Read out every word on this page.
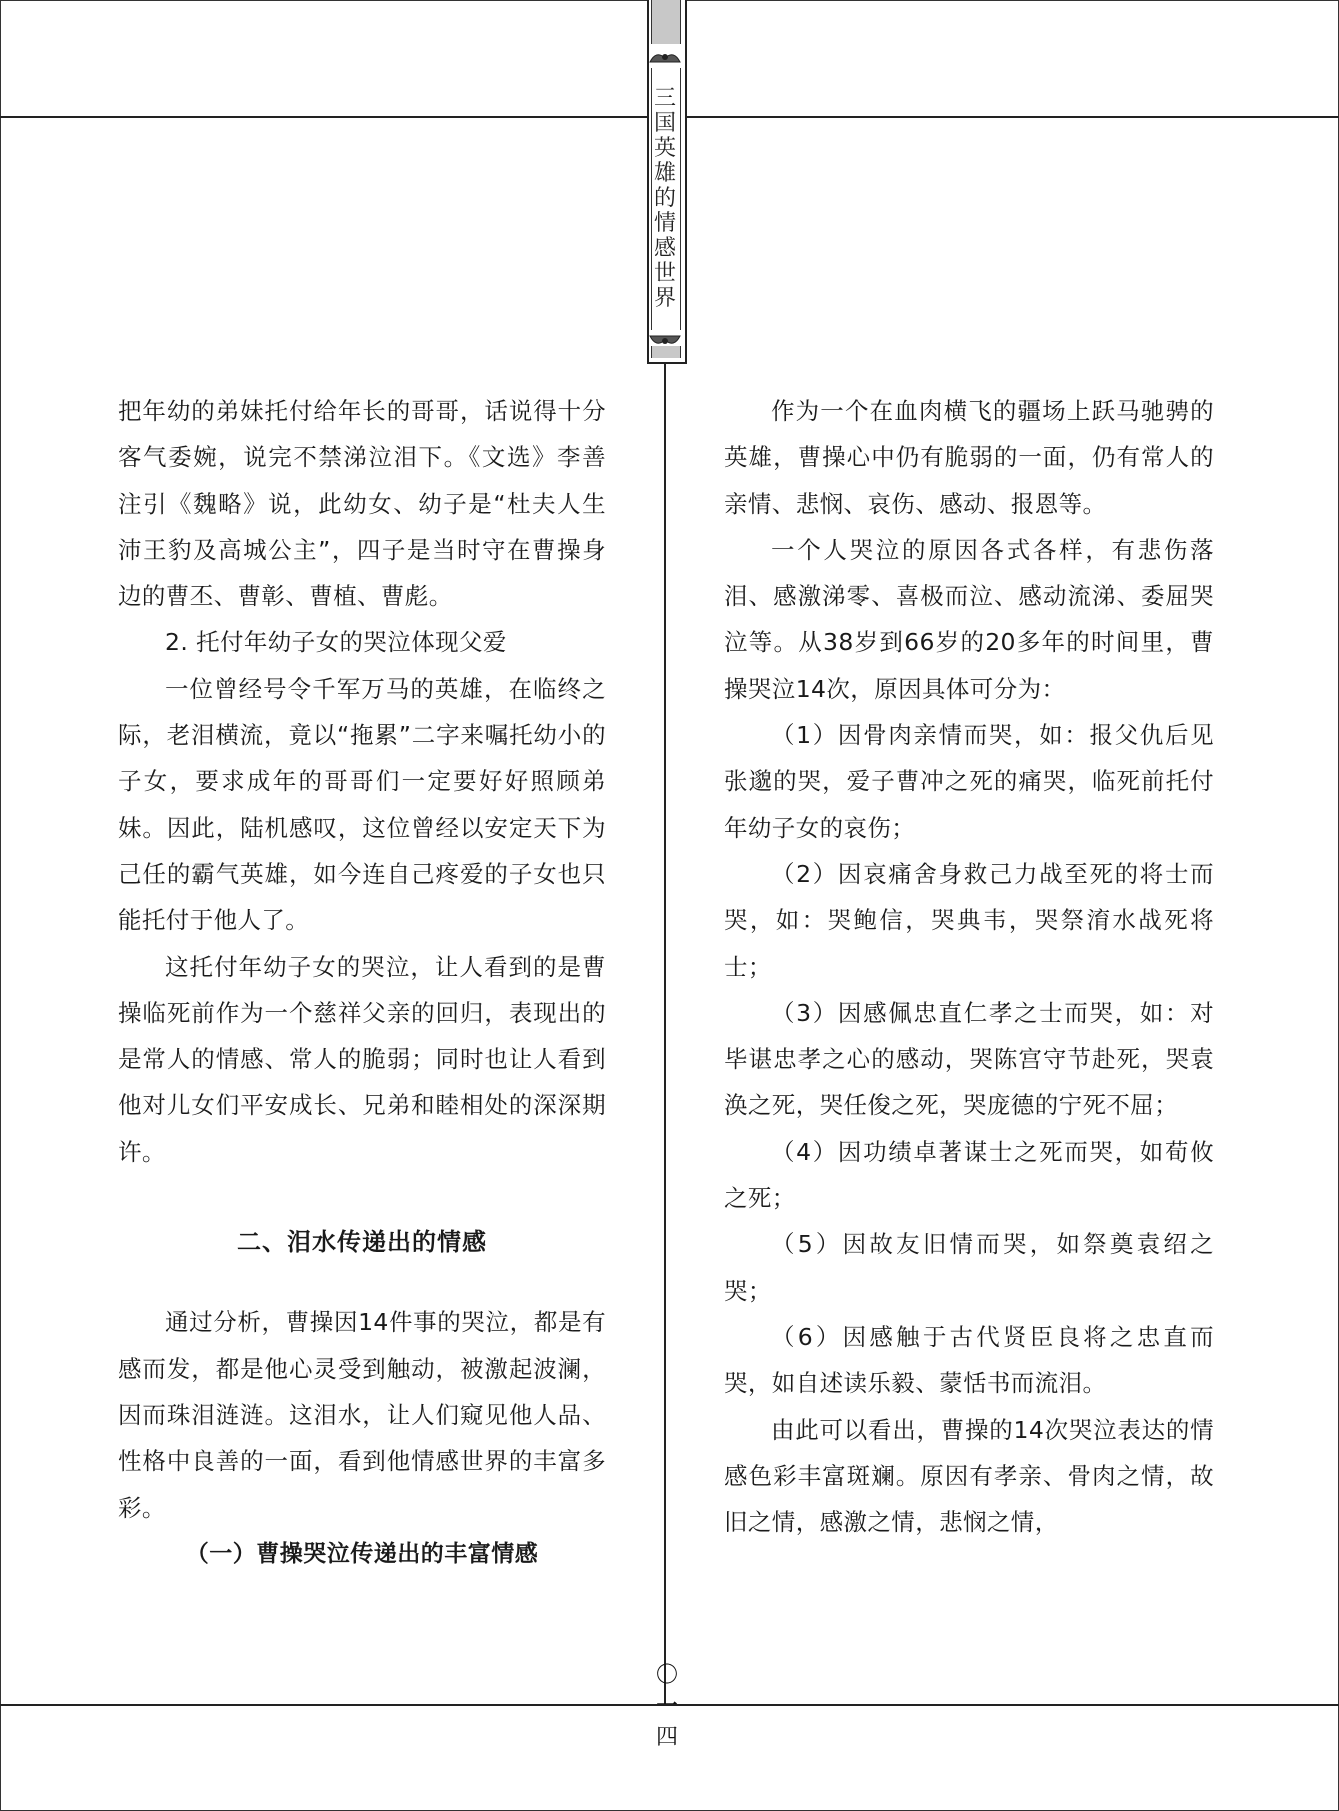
三
国
英
雄
的
情
感
世
界

把年幼的弟妹托付给年长的哥哥，话说得十分客气委婉，说完不禁涕泣泪下。《文选》李善注引《魏略》说，此幼女、幼子是“杜夫人生沛王豹及高城公主”，四子是当时守在曹操身边的曹丕、曹彰、曹植、曹彪。

2. 托付年幼子女的哭泣体现父爱

一位曾经号令千军万马的英雄，在临终之际，老泪横流，竟以“拖累”二字来嘱托幼小的子女，要求成年的哥哥们一定要好好照顾弟妹。因此，陆机感叹，这位曾经以安定天下为己任的霸气英雄，如今连自己疼爱的子女也只能托付于他人了。

这托付年幼子女的哭泣，让人看到的是曹操临死前作为一个慈祥父亲的回归，表现出的是常人的情感、常人的脆弱；同时也让人看到他对儿女们平安成长、兄弟和睦相处的深深期许。

二、泪水传递出的情感

通过分析，曹操因14件事的哭泣，都是有感而发，都是他心灵受到触动，被激起波澜，因而珠泪涟涟。这泪水，让人们窥见他人品、性格中良善的一面，看到他情感世界的丰富多彩。

（一）曹操哭泣传递出的丰富情感

作为一个在血肉横飞的疆场上跃马驰骋的英雄，曹操心中仍有脆弱的一面，仍有常人的亲情、悲悯、哀伤、感动、报恩等。

一个人哭泣的原因各式各样，有悲伤落泪、感激涕零、喜极而泣、感动流涕、委屈哭泣等。从38岁到66岁的20多年的时间里，曹操哭泣14次，原因具体可分为：

（1）因骨肉亲情而哭，如：报父仇后见张邈的哭，爱子曹冲之死的痛哭，临死前托付年幼子女的哀伤；

（2）因哀痛舍身救己力战至死的将士而哭，如：哭鲍信，哭典韦，哭祭淯水战死将士；

（3）因感佩忠直仁孝之士而哭，如：对毕谌忠孝之心的感动，哭陈宫守节赴死，哭袁涣之死，哭任俊之死，哭庞德的宁死不屈；

（4）因功绩卓著谋士之死而哭，如荀攸之死；

（5）因故友旧情而哭，如祭奠袁绍之哭；

（6）因感触于古代贤臣良将之忠直而哭，如自述读乐毅、蒙恬书而流泪。

由此可以看出，曹操的14次哭泣表达的情感色彩丰富斑斓。原因有孝亲、骨肉之情，故旧之情，感激之情，悲悯之情，

〇
一
四
